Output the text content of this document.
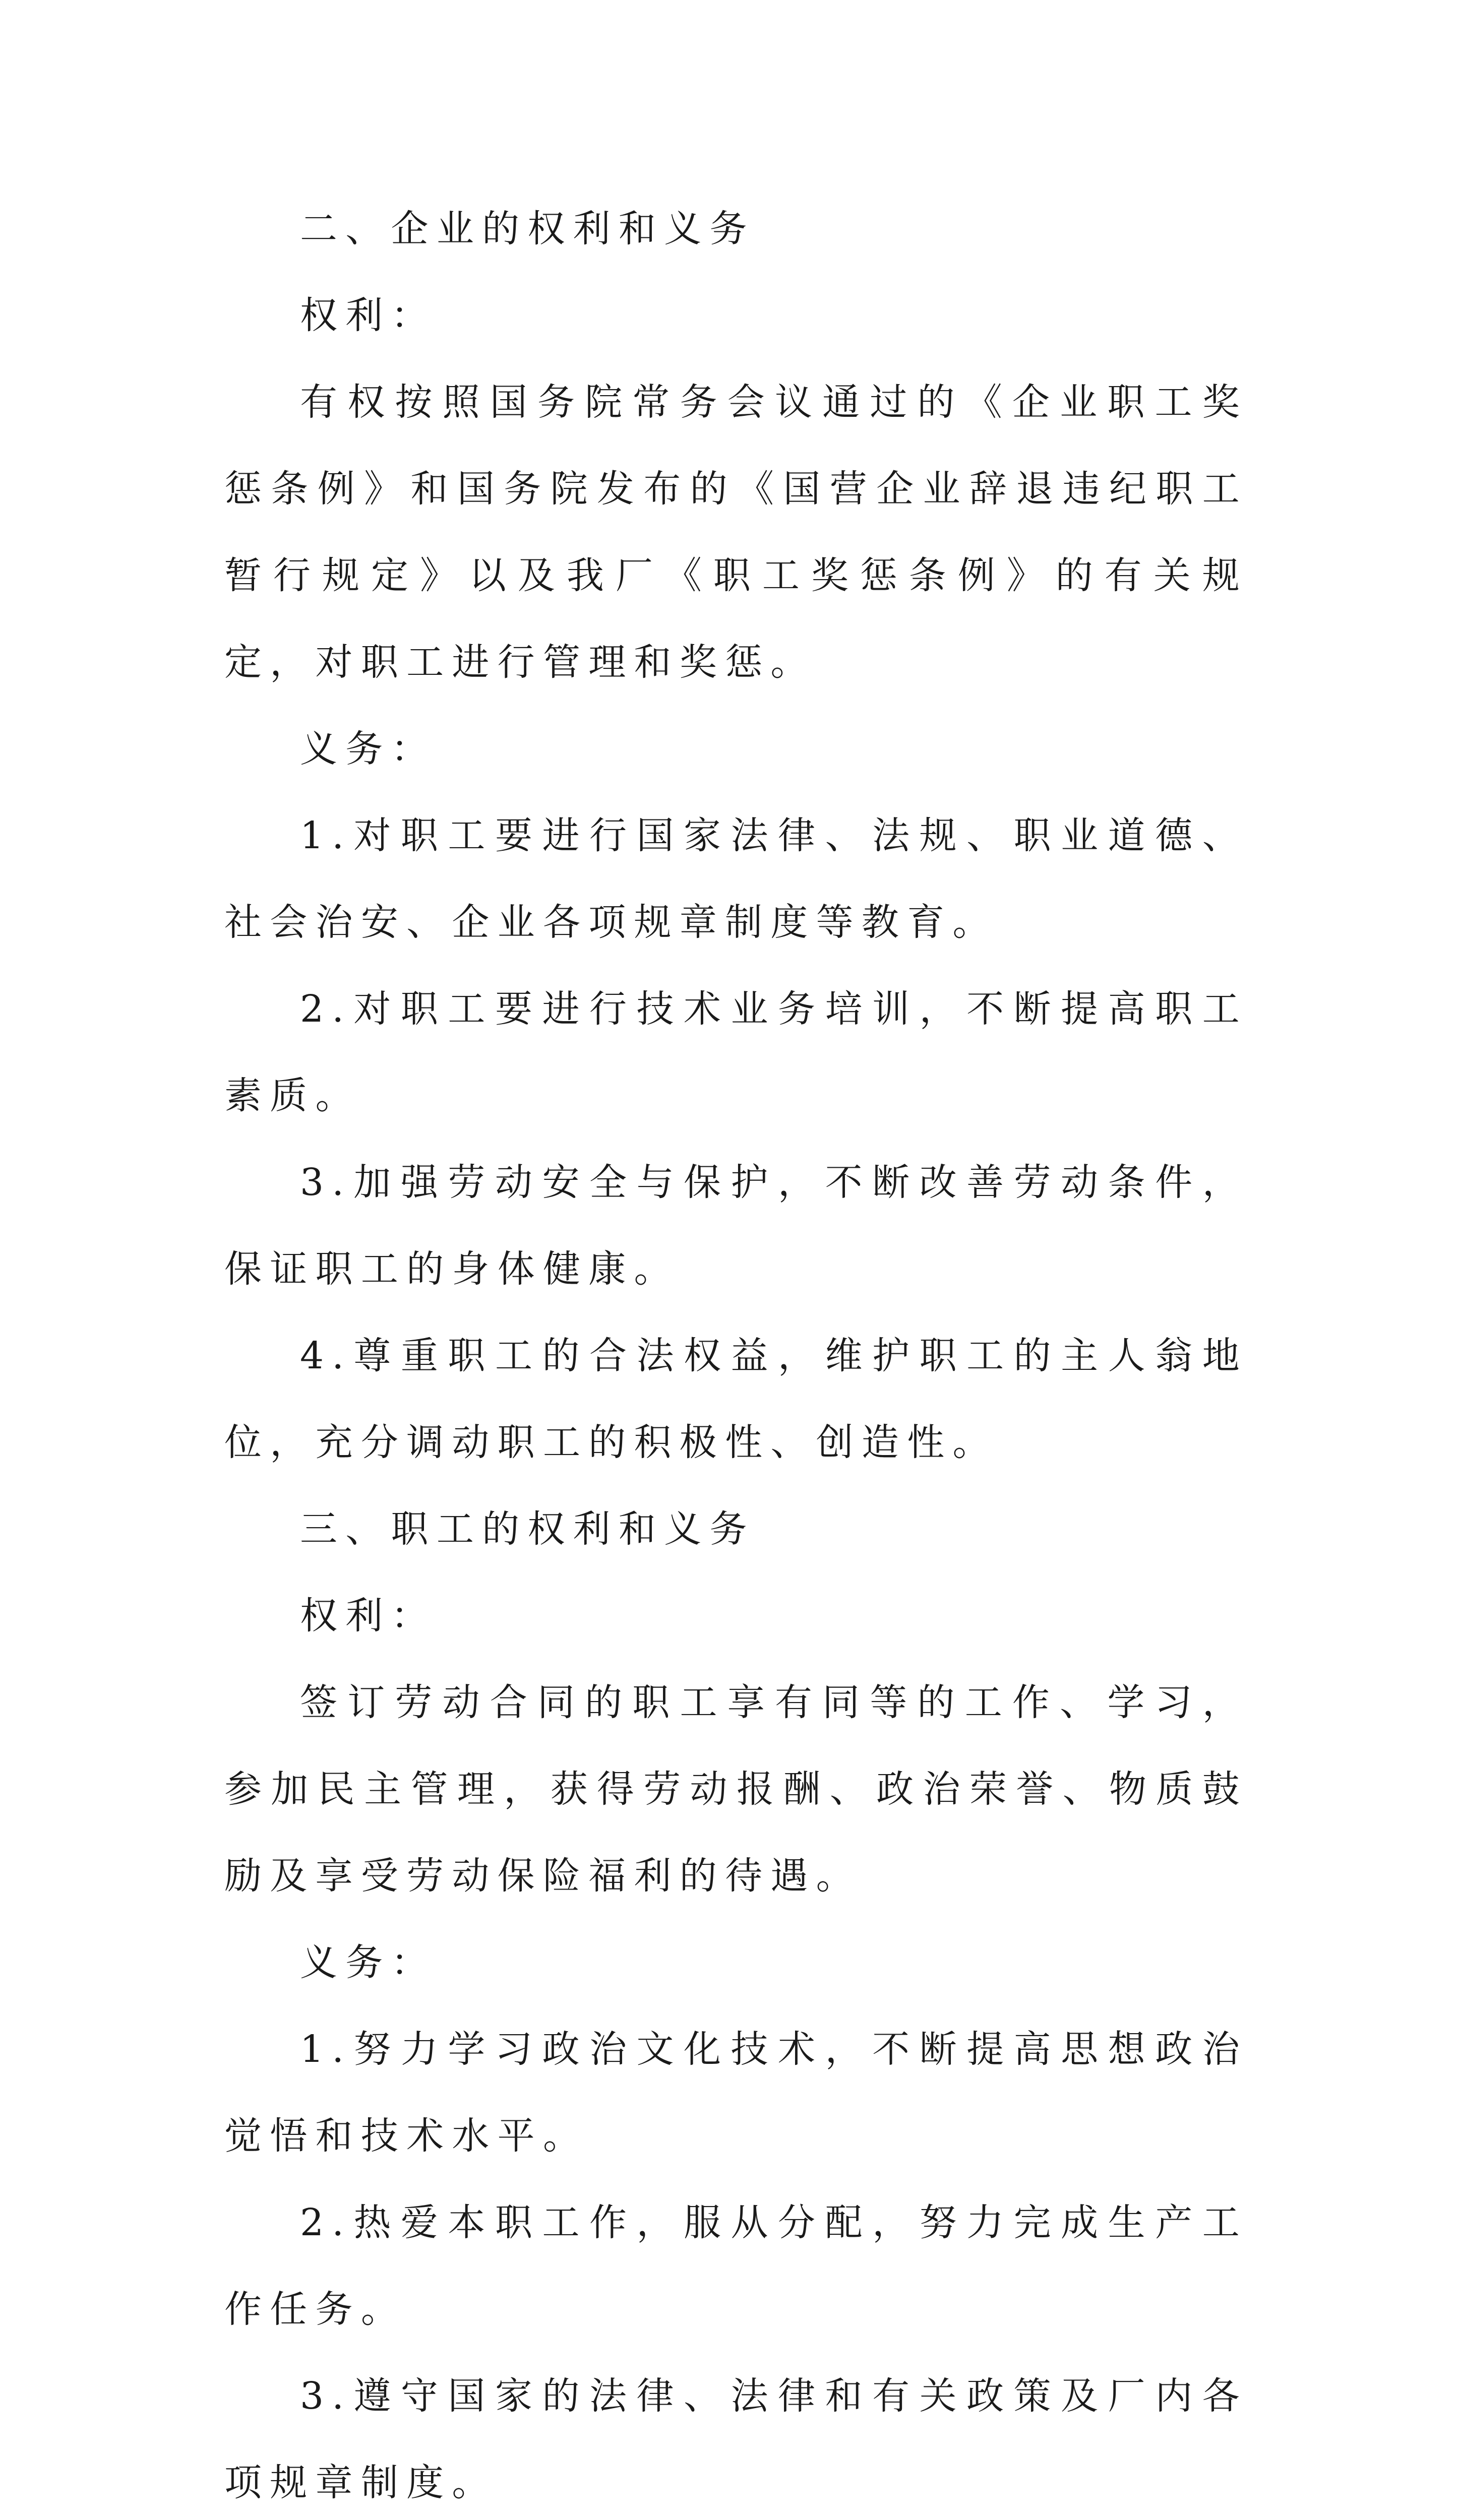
二、企业的权利和义务

权利：

有权按照国务院常务会议通过的《企业职工奖惩条例》和国务院发布的《国营企业辞退违纪职工暂行规定》以及我厂《职工奖惩条例》的有关规定，对职工进行管理和奖惩。

义务：

1.对职工要进行国家法律、法规、职业道德、社会治安、企业各项规章制度等教育。

2.对职工要进行技术业务培训，不断提高职工素质。

3.加强劳动安全与保护，不断改善劳动条件，保证职工的身体健康。

4.尊重职工的合法权益，维护职工的主人翁地位，充分调动职工的积极性、创造性。

三、职工的权利和义务

权利：

签订劳动合同的职工享有同等的工作、学习，参加民主管理，获得劳动报酬、政治荣誉、物质鼓励及享受劳动保险福利的待遇。

义务：

1.努力学习政治文化技术，不断提高思想政治觉悟和技术水平。

2.热爱本职工作，服从分配，努力完成生产工作任务。

3.遵守国家的法律、法律和有关政策及厂内各项规章制度。
